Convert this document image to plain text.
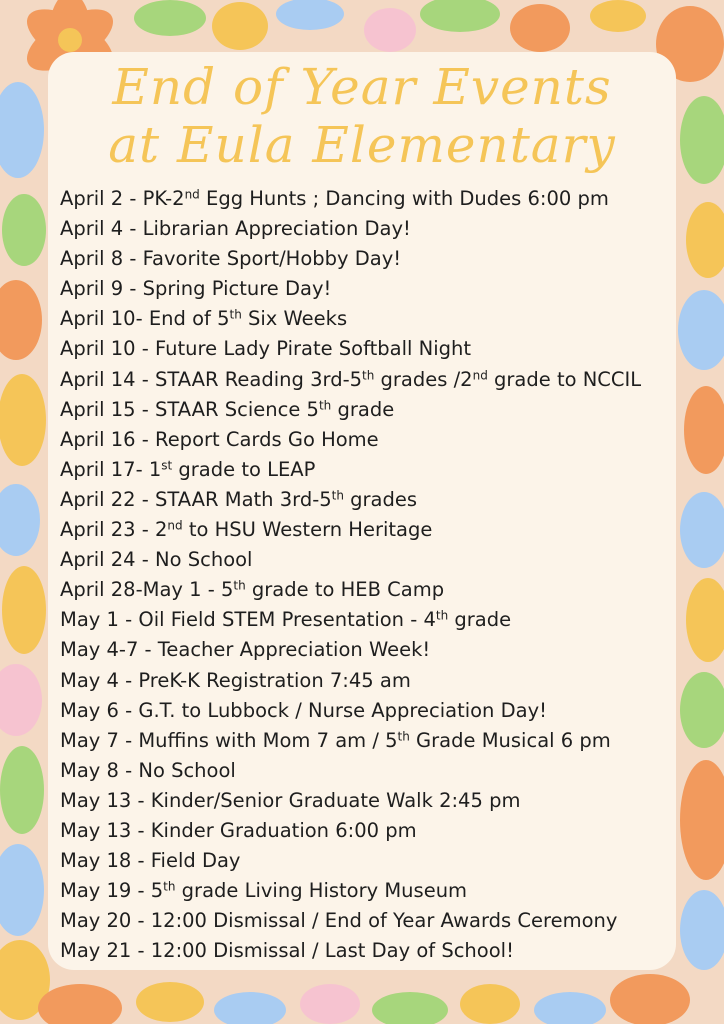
End of Year Events
at Eula Elementary
April 2 - PK-2nd Egg Hunts ; Dancing with Dudes 6:00 pm
April 4 - Librarian Appreciation Day!
April 8 - Favorite Sport/Hobby Day!
April 9 - Spring Picture Day!
April 10- End of 5th Six Weeks
April 10 - Future Lady Pirate Softball Night
April 14 - STAAR Reading 3rd-5th grades /2nd grade to NCCIL
April 15 - STAAR Science 5th grade
April 16 - Report Cards Go Home
April 17- 1st grade to LEAP
April 22 - STAAR Math 3rd-5th grades
April 23 - 2nd to HSU Western Heritage
April 24 - No School
April 28-May 1 - 5th grade to HEB Camp
May 1 - Oil Field STEM Presentation - 4th grade
May 4-7 - Teacher Appreciation Week!
May 4 - PreK-K Registration 7:45 am
May 6 - G.T. to Lubbock / Nurse Appreciation Day!
May 7 - Muffins with Mom 7 am / 5th Grade Musical 6 pm
May 8 - No School
May 13 - Kinder/Senior Graduate Walk 2:45 pm
May 13 - Kinder Graduation 6:00 pm
May 18 - Field Day
May 19 - 5th grade Living History Museum
May 20 - 12:00 Dismissal / End of Year Awards Ceremony
May 21 - 12:00 Dismissal / Last Day of School!
